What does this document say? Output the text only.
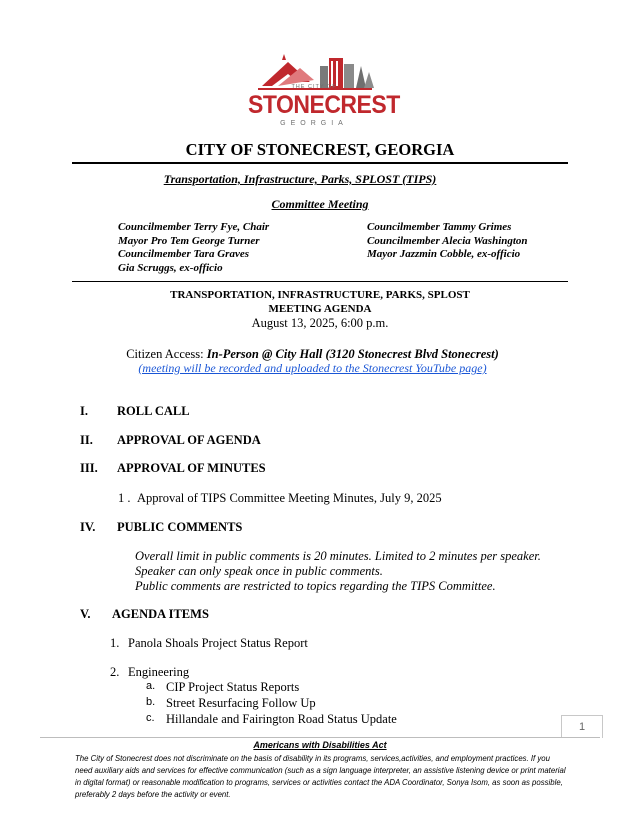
THE CITY OF
STONECREST
GEORGIA
CITY OF STONECREST, GEORGIA
Transportation, Infrastructure, Parks, SPLOST (TIPS)
Committee Meeting
Councilmember Terry Fye, Chair
Mayor Pro Tem George Turner
Councilmember Tara Graves
Gia Scruggs, ex-officio
Councilmember Tammy Grimes
Councilmember Alecia Washington
Mayor Jazzmin Cobble, ex-officio
TRANSPORTATION, INFRASTRUCTURE, PARKS, SPLOST
MEETING AGENDA
August 13, 2025, 6:00 p.m.
Citizen Access: In-Person @ City Hall (3120 Stonecrest Blvd Stonecrest)
(meeting will be recorded and uploaded to the Stonecrest YouTube page)
I. ROLL CALL
II. APPROVAL OF AGENDA
III. APPROVAL OF MINUTES
1 . Approval of TIPS Committee Meeting Minutes, July 9, 2025
IV. PUBLIC COMMENTS
Overall limit in public comments is 20 minutes. Limited to 2 minutes per speaker.
Speaker can only speak once in public comments.
Public comments are restricted to topics regarding the TIPS Committee.
V. AGENDA ITEMS
1. Panola Shoals Project Status Report
2. Engineering
a. CIP Project Status Reports
b. Street Resurfacing Follow Up
c. Hillandale and Fairington Road Status Update
1
Americans with Disabilities Act
The City of Stonecrest does not discriminate on the basis of disability in its programs, services,activities, and employment practices. If you need auxiliary aids and services for effective communication (such as a sign language interpreter, an assistive listening device or print material in digital format) or reasonable modification to programs, services or activities contact the ADA Coordinator, Sonya Isom, as soon as possible, preferably 2 days before the activity or event.
